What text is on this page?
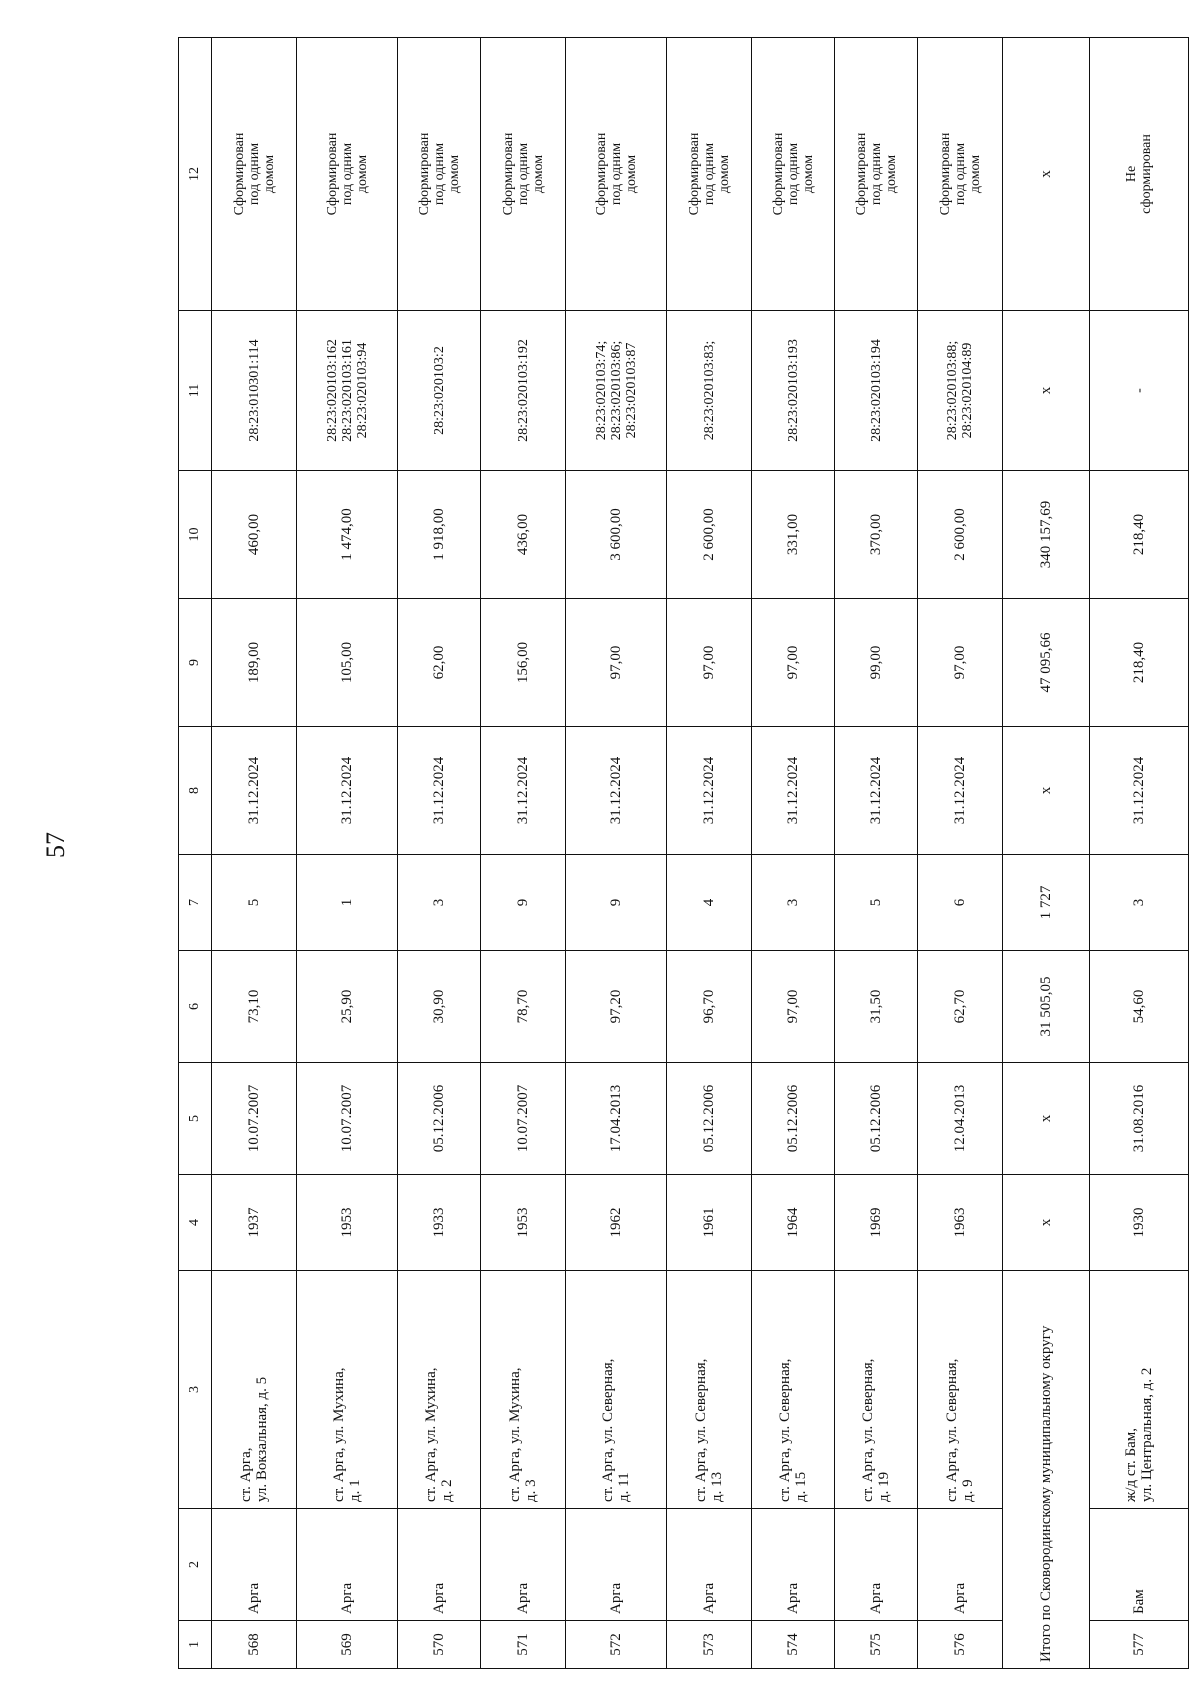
57
1	2	3	4	5	6	7	8	9	10	11	12
568	Арга	ст. Арга,
ул. Вокзальная, д. 5	1937	10.07.2007	73,10	5	31.12.2024	189,00	460,00	28:23:010301:114	Сформирован
под одним
домом
569	Арга	ст. Арга, ул. Мухина,
д. 1	1953	10.07.2007	25,90	1	31.12.2024	105,00	1 474,00	28:23:020103:162
28:23:020103:161
28:23:020103:94	Сформирован
под одним
домом
570	Арга	ст. Арга, ул. Мухина,
д. 2	1933	05.12.2006	30,90	3	31.12.2024	62,00	1 918,00	28:23:020103:2	Сформирован
под одним
домом
571	Арга	ст. Арга, ул. Мухина,
д. 3	1953	10.07.2007	78,70	9	31.12.2024	156,00	436,00	28:23:020103:192	Сформирован
под одним
домом
572	Арга	ст. Арга, ул. Северная,
д. 11	1962	17.04.2013	97,20	9	31.12.2024	97,00	3 600,00	28:23:020103:74;
28:23:020103:86;
28:23:020103:87	Сформирован
под одним
домом
573	Арга	ст. Арга, ул. Северная,
д. 13	1961	05.12.2006	96,70	4	31.12.2024	97,00	2 600,00	28:23:020103:83;	Сформирован
под одним
домом
574	Арга	ст. Арга, ул. Северная,
д. 15	1964	05.12.2006	97,00	3	31.12.2024	97,00	331,00	28:23:020103:193	Сформирован
под одним
домом
575	Арга	ст. Арга, ул. Северная,
д. 19	1969	05.12.2006	31,50	5	31.12.2024	99,00	370,00	28:23:020103:194	Сформирован
под одним
домом
576	Арга	ст. Арга, ул. Северная,
д. 9	1963	12.04.2013	62,70	6	31.12.2024	97,00	2 600,00	28:23:020103:88;
28:23:020104:89	Сформирован
под одним
домом
Итого по Сковородинскому муниципальному округу			x	x	31 505,05	1 727	x	47 095,66	340 157,69	x	x
577	Бам	ж/д ст. Бам,
ул. Центральная, д. 2	1930	31.08.2016	54,60	3	31.12.2024	218,40	218,40	-	Не
сформирован
